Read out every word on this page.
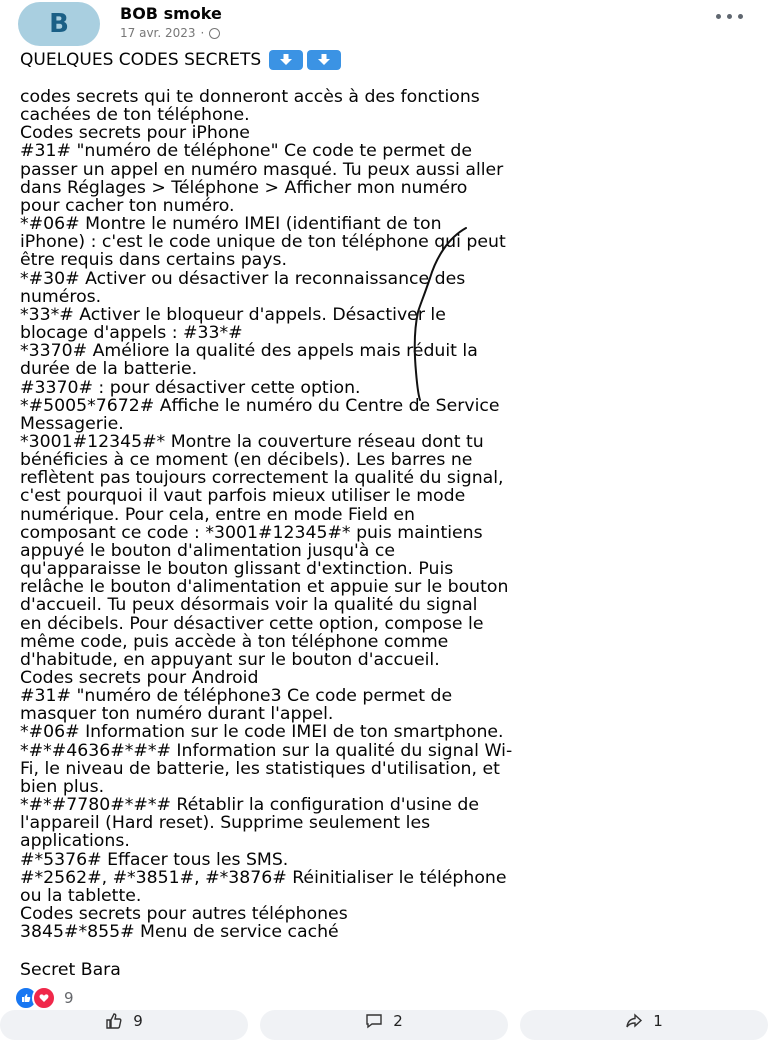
B	BOB smoke
17 avr. 2023 ·
QUELQUES CODES SECRETS
codes secrets qui te donneront accès à des fonctions
cachées de ton téléphone.
Codes secrets pour iPhone
#31# "numéro de téléphone" Ce code te permet de
passer un appel en numéro masqué. Tu peux aussi aller
dans Réglages > Téléphone > Afficher mon numéro
pour cacher ton numéro.
*#06# Montre le numéro IMEI (identifiant de ton
iPhone) : c'est le code unique de ton téléphone qui peut
être requis dans certains pays.
*#30# Activer ou désactiver la reconnaissance des
numéros.
*33*# Activer le bloqueur d'appels. Désactiver le
blocage d'appels : #33*#
*3370# Améliore la qualité des appels mais réduit la
durée de la batterie.
#3370# : pour désactiver cette option.
*#5005*7672# Affiche le numéro du Centre de Service
Messagerie.
*3001#12345#* Montre la couverture réseau dont tu
bénéficies à ce moment (en décibels). Les barres ne
reflètent pas toujours correctement la qualité du signal,
c'est pourquoi il vaut parfois mieux utiliser le mode
numérique. Pour cela, entre en mode Field en
composant ce code : *3001#12345#* puis maintiens
appuyé le bouton d'alimentation jusqu'à ce
qu'apparaisse le bouton glissant d'extinction. Puis
relâche le bouton d'alimentation et appuie sur le bouton
d'accueil. Tu peux désormais voir la qualité du signal
en décibels. Pour désactiver cette option, compose le
même code, puis accède à ton téléphone comme
d'habitude, en appuyant sur le bouton d'accueil.
Codes secrets pour Android
#31# "numéro de téléphone3 Ce code permet de
masquer ton numéro durant l'appel.
*#06# Information sur le code IMEI de ton smartphone.
*#*#4636#*#*# Information sur la qualité du signal Wi-
Fi, le niveau de batterie, les statistiques d'utilisation, et
bien plus.
*#*#7780#*#*# Rétablir la configuration d'usine de
l'appareil (Hard reset). Supprime seulement les
applications.
#*5376# Effacer tous les SMS.
#*2562#, #*3851#, #*3876# Réinitialiser le téléphone
ou la tablette.
Codes secrets pour autres téléphones
3845#*855# Menu de service caché
Secret Bara
9
9	2	1
